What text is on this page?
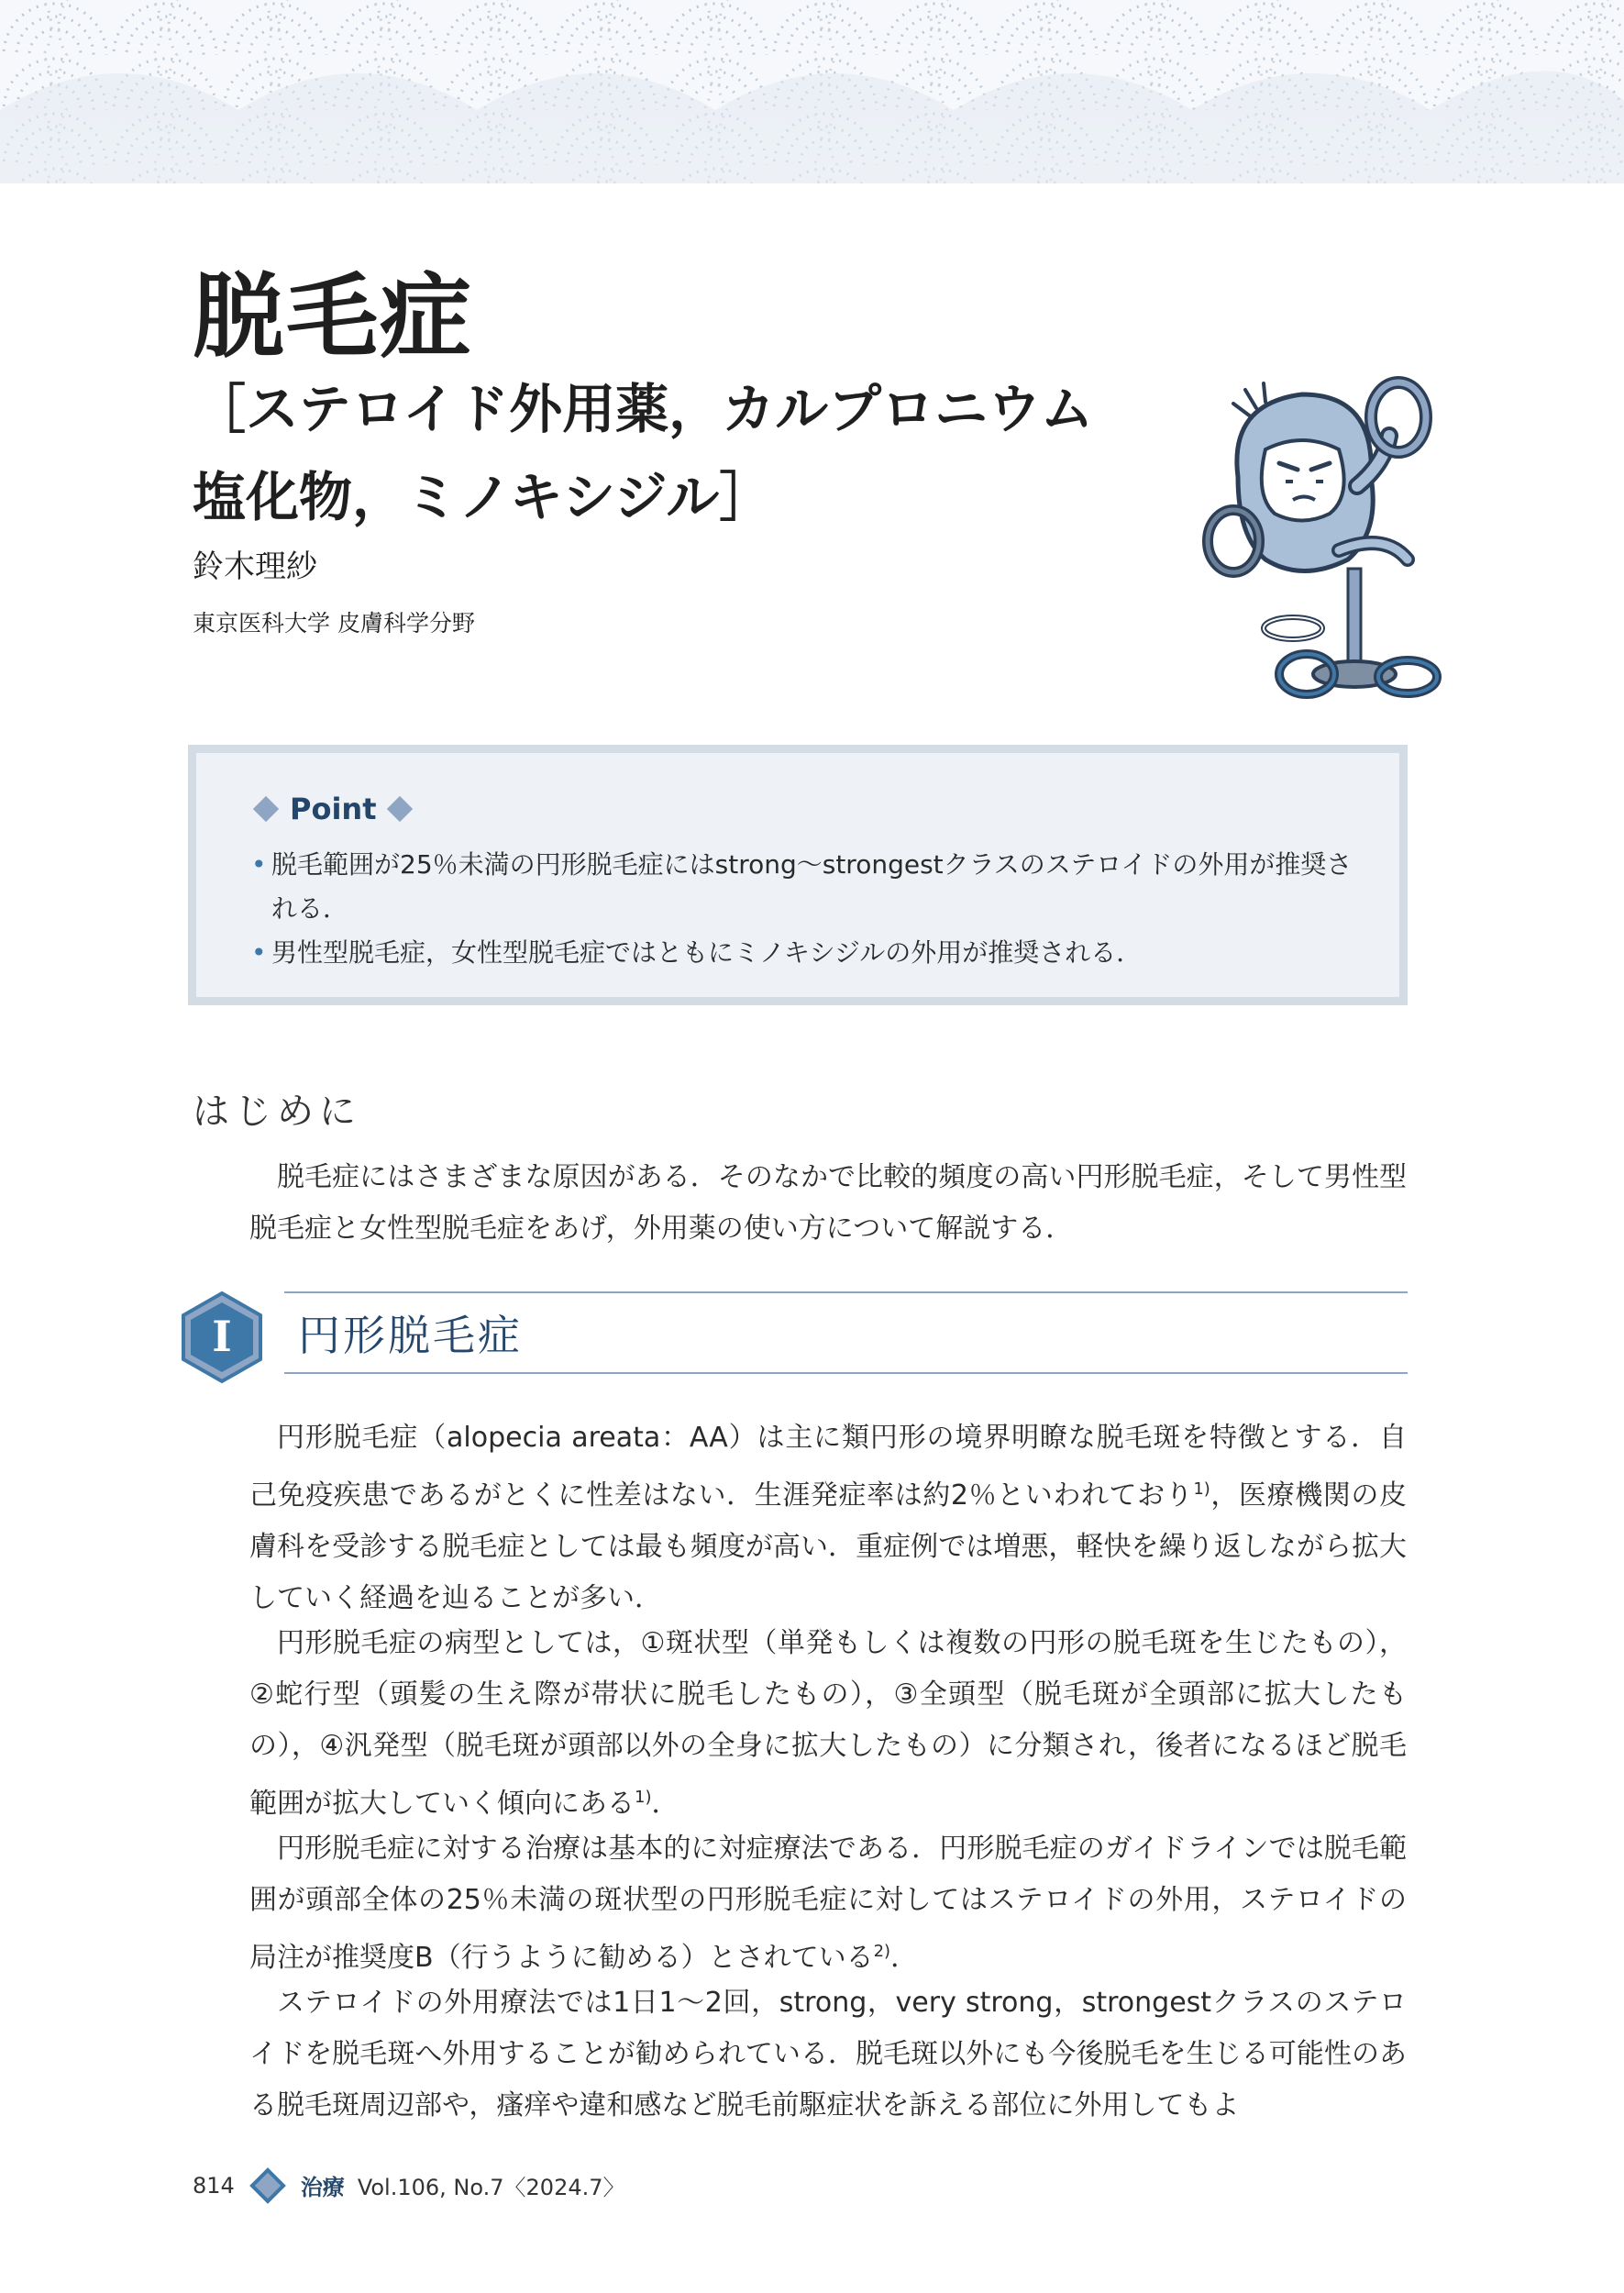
脱毛症
［ステロイド外用薬，カルプロニウム
塩化物，ミノキシジル］
鈴木理紗
東京医科大学 皮膚科学分野
Point
• 脱毛範囲が25％未満の円形脱毛症にはstrong～strongestクラスのステロイドの外用が推奨される．
• 男性型脱毛症，女性型脱毛症ではともにミノキシジルの外用が推奨される．
はじめに

脱毛症にはさまざまな原因がある．そのなかで比較的頻度の高い円形脱毛症，そして男性型脱毛症と女性型脱毛症をあげ，外用薬の使い方について解説する．

I 円形脱毛症

円形脱毛症（alopecia areata：AA）は主に類円形の境界明瞭な脱毛斑を特徴とする．自己免疫疾患であるがとくに性差はない．生涯発症率は約2％といわれており$^{1)}$，医療機関の皮膚科を受診する脱毛症としては最も頻度が高い．重症例では増悪，軽快を繰り返しながら拡大していく経過を辿ることが多い．

円形脱毛症の病型としては，①斑状型（単発もしくは複数の円形の脱毛斑を生じたもの），②蛇行型（頭髪の生え際が帯状に脱毛したもの），③全頭型（脱毛斑が全頭部に拡大したもの），④汎発型（脱毛斑が頭部以外の全身に拡大したもの）に分類され，後者になるほど脱毛範囲が拡大していく傾向にある$^{1)}$．

円形脱毛症に対する治療は基本的に対症療法である．円形脱毛症のガイドラインでは脱毛範囲が頭部全体の25％未満の斑状型の円形脱毛症に対してはステロイドの外用，ステロイドの局注が推奨度B（行うように勧める）とされている$^{2)}$．

ステロイドの外用療法では1日1～2回，strong，very strong，strongestクラスのステロイドを脱毛斑へ外用することが勧められている．脱毛斑以外にも今後脱毛を生じる可能性のある脱毛斑周辺部や，瘙痒や違和感など脱毛前駆症状を訴える部位に外用してもよ

814	治療 Vol.106, No.7〈2024.7〉
